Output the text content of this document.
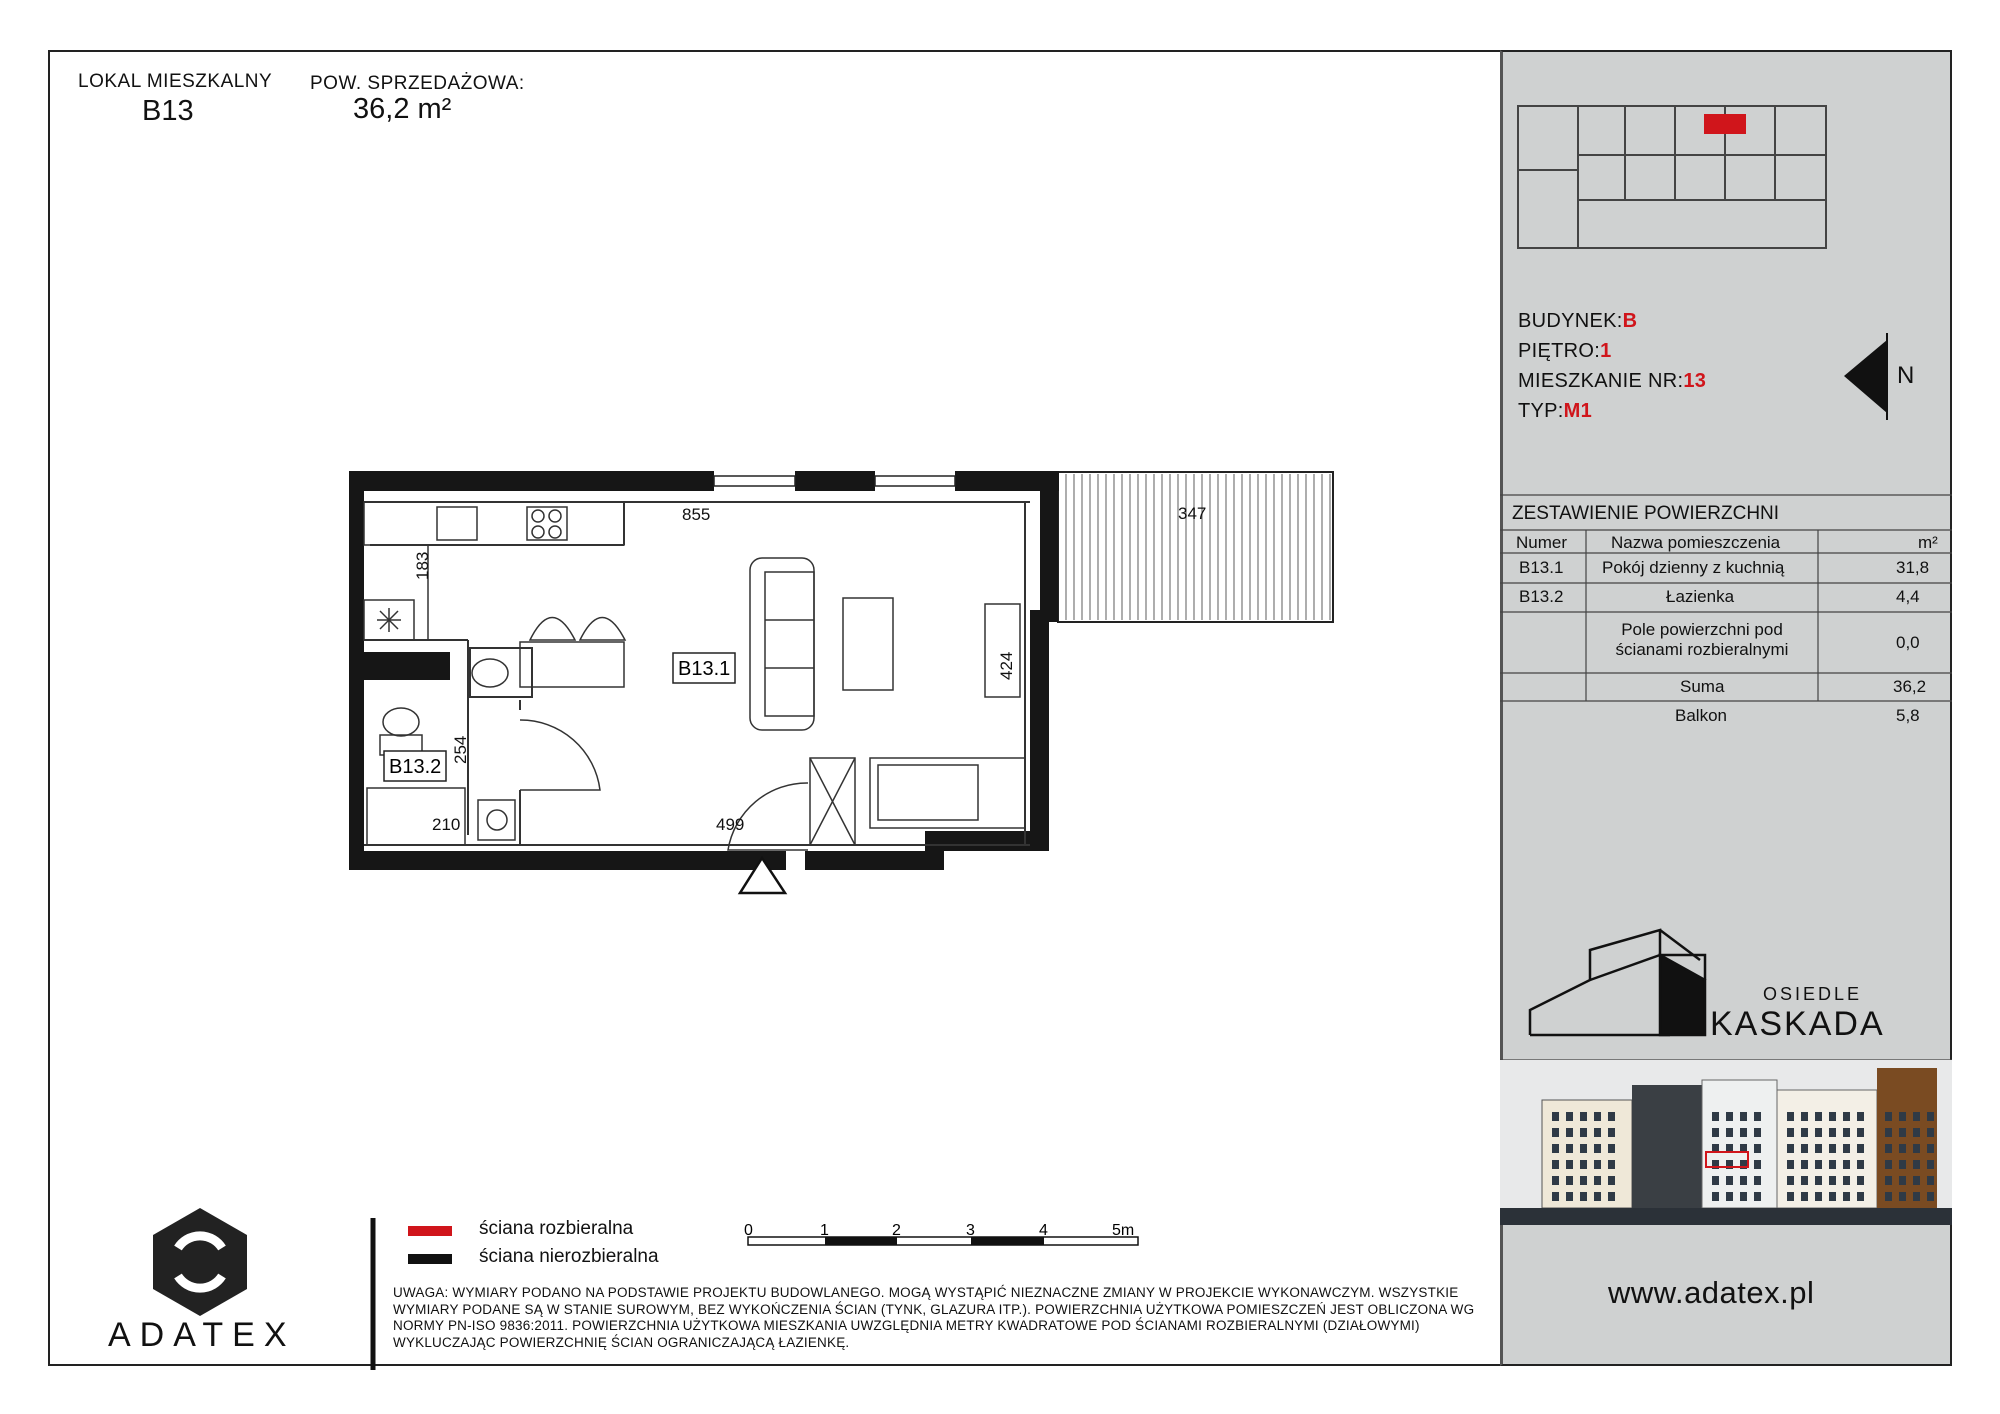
LOKAL MIESZKALNY
B13
POW. SPRZEDAŻOWA:
36,2 m²
855	347
183
424
254
210	499
B13.1
B13.2
0	1	2	3	4	5m
ściana rozbieralna
ściana nierozbieralna
ADATEX
UWAGA: WYMIARY PODANO NA PODSTAWIE PROJEKTU BUDOWLANEGO. MOGĄ WYSTĄPIĆ NIEZNACZNE ZMIANY W PROJEKCIE WYKONAWCZYM. WSZYSTKIE WYMIARY PODANE SĄ W STANIE SUROWYM, BEZ WYKOŃCZENIA ŚCIAN (TYNK, GLAZURA ITP.). POWIERZCHNIA UŻYTKOWA POMIESZCZEŃ JEST OBLICZONA WG NORMY PN-ISO 9836:2011. POWIERZCHNIA UŻYTKOWA MIESZKANIA UWZGLĘDNIA METRY KWADRATOWE POD ŚCIANAMI ROZBIERALNYMI (DZIAŁOWYMI) WYKLUCZAJĄC POWIERZCHNIĘ ŚCIAN OGRANICZAJĄCĄ ŁAZIENKĘ.
N
OSIEDLE
KASKADA
BUDYNEK:B
PIĘTRO:1
MIESZKANIE NR:13
TYP:M1
ZESTAWIENIE POWIERZCHNI
Numer	Nazwa pomieszczenia	m²
B13.1 Pokój dzienny z kuchnią	31,8
B13.2	Łazienka	4,4
Pole powierzchni pod ścianami rozbieralnymi	0,0
Suma	36,2
Balkon	5,8
www.adatex.pl
